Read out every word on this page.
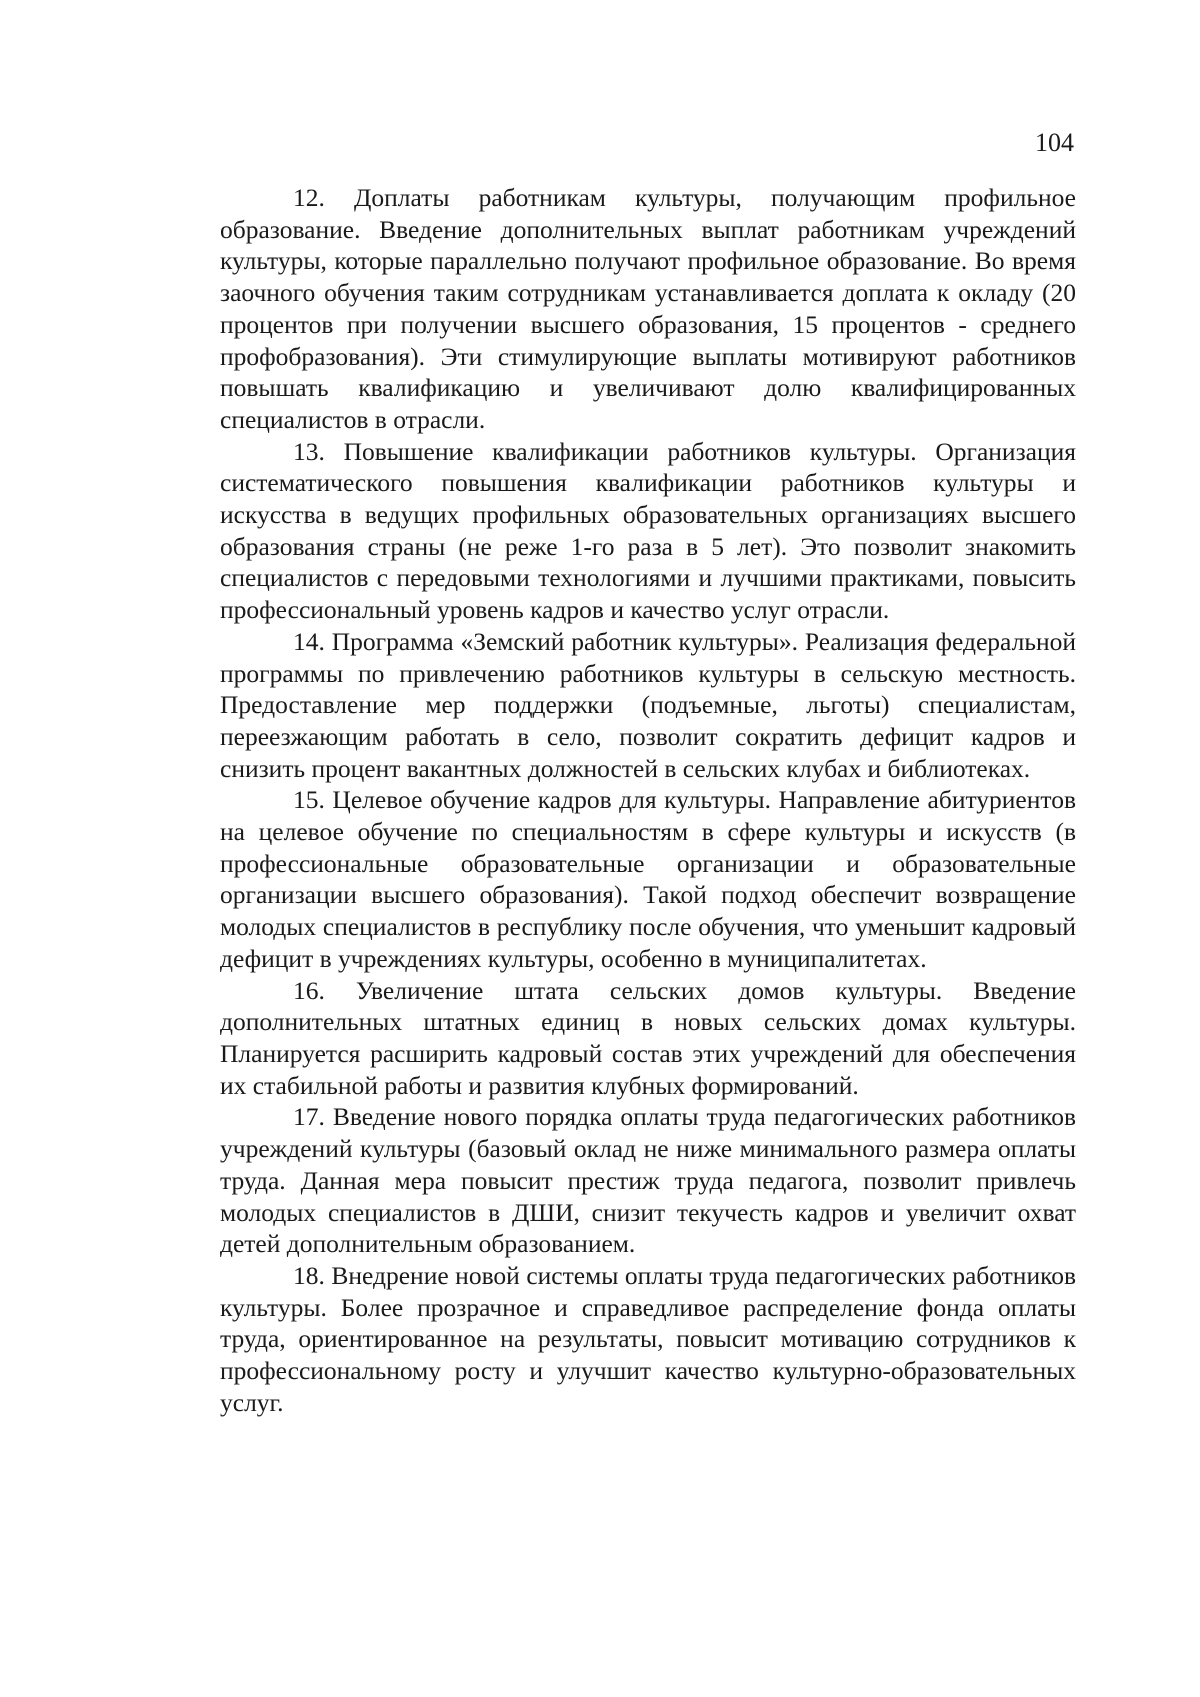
104

12. Доплаты работникам культуры, получающим профильное образование. Введение дополнительных выплат работникам учреждений культуры, которые параллельно получают профильное образование. Во время заочного обучения таким сотрудникам устанавливается доплата к окладу (20 процентов при получении высшего образования, 15 процентов - среднего профобразования). Эти стимулирующие выплаты мотивируют работников повышать квалификацию и увеличивают долю квалифицированных специалистов в отрасли.

13. Повышение квалификации работников культуры. Организация систематического повышения квалификации работников культуры и искусства в ведущих профильных образовательных организациях высшего образования страны (не реже 1-го раза в 5 лет). Это позволит знакомить специалистов с передовыми технологиями и лучшими практиками, повысить профессиональный уровень кадров и качество услуг отрасли.

14. Программа «Земский работник культуры». Реализация федеральной программы по привлечению работников культуры в сельскую местность. Предоставление мер поддержки (подъемные, льготы) специалистам, переезжающим работать в село, позволит сократить дефицит кадров и снизить процент вакантных должностей в сельских клубах и библиотеках.

15. Целевое обучение кадров для культуры. Направление абитуриентов на целевое обучение по специальностям в сфере культуры и искусств (в профессиональные образовательные организации и образовательные организации высшего образования). Такой подход обеспечит возвращение молодых специалистов в республику после обучения, что уменьшит кадровый дефицит в учреждениях культуры, особенно в муниципалитетах.

16. Увеличение штата сельских домов культуры. Введение дополнительных штатных единиц в новых сельских домах культуры. Планируется расширить кадровый состав этих учреждений для обеспечения их стабильной работы и развития клубных формирований.

17. Введение нового порядка оплаты труда педагогических работников учреждений культуры (базовый оклад не ниже минимального размера оплаты труда. Данная мера повысит престиж труда педагога, позволит привлечь молодых специалистов в ДШИ, снизит текучесть кадров и увеличит охват детей дополнительным образованием.

18. Внедрение новой системы оплаты труда педагогических работников культуры. Более прозрачное и справедливое распределение фонда оплаты труда, ориентированное на результаты, повысит мотивацию сотрудников к профессиональному росту и улучшит качество культурно-образовательных услуг.
